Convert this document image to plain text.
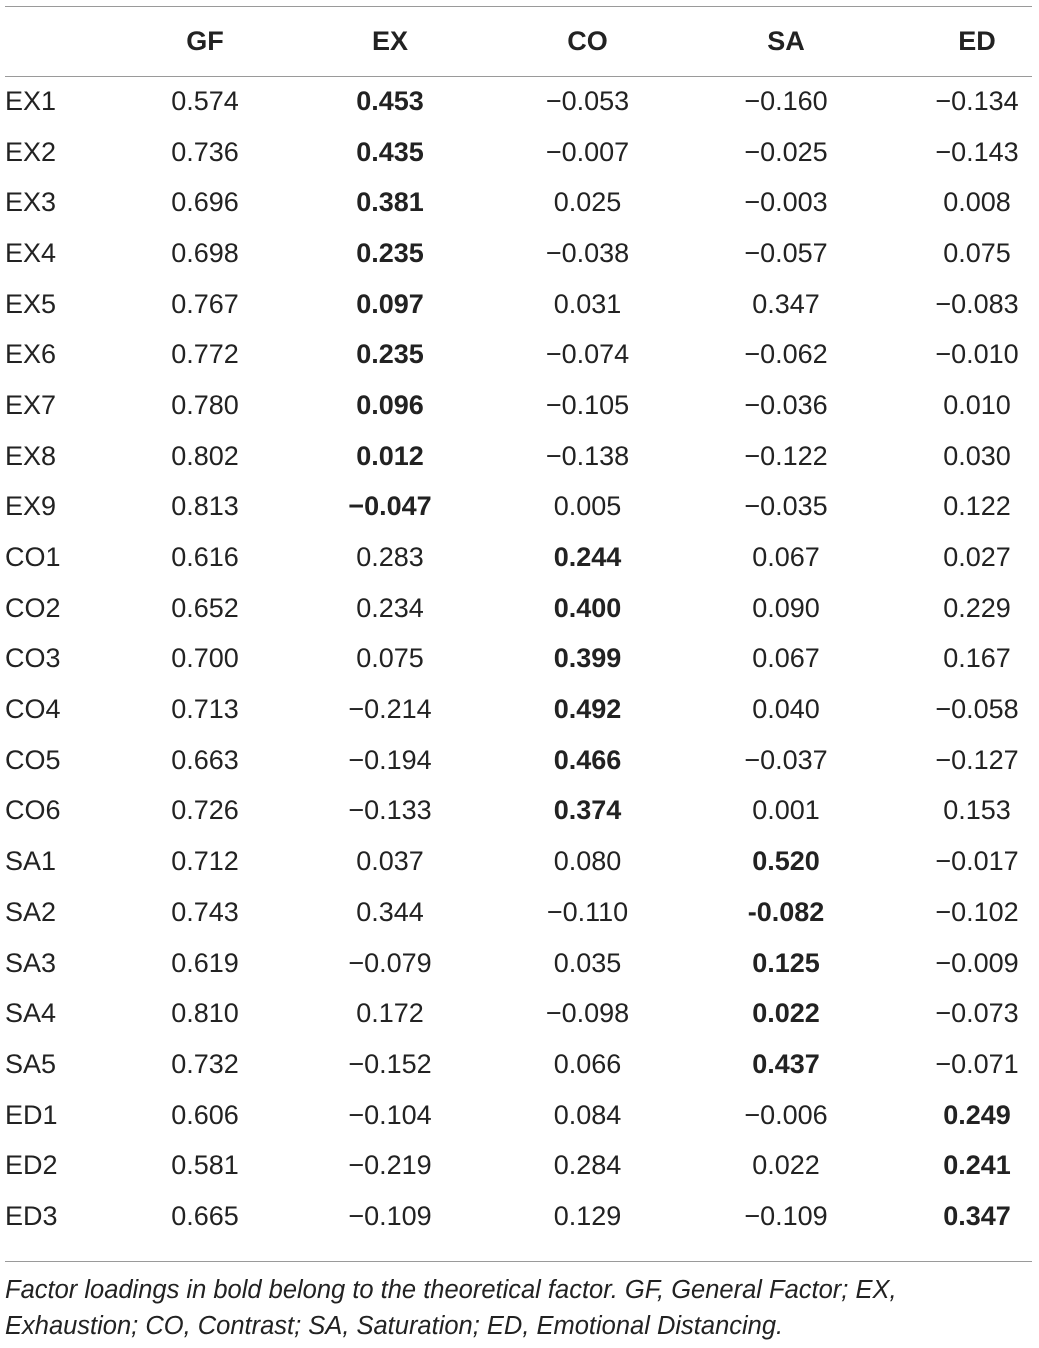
	GF	EX	CO	SA	ED
EX1	0.574	0.453	−0.053	−0.160	−0.134
EX2	0.736	0.435	−0.007	−0.025	−0.143
EX3	0.696	0.381	0.025	−0.003	0.008
EX4	0.698	0.235	−0.038	−0.057	0.075
EX5	0.767	0.097	0.031	0.347	−0.083
EX6	0.772	0.235	−0.074	−0.062	−0.010
EX7	0.780	0.096	−0.105	−0.036	0.010
EX8	0.802	0.012	−0.138	−0.122	0.030
EX9	0.813	−0.047	0.005	−0.035	0.122
CO1	0.616	0.283	0.244	0.067	0.027
CO2	0.652	0.234	0.400	0.090	0.229
CO3	0.700	0.075	0.399	0.067	0.167
CO4	0.713	−0.214	0.492	0.040	−0.058
CO5	0.663	−0.194	0.466	−0.037	−0.127
CO6	0.726	−0.133	0.374	0.001	0.153
SA1	0.712	0.037	0.080	0.520	−0.017
SA2	0.743	0.344	−0.110	-0.082	−0.102
SA3	0.619	−0.079	0.035	0.125	−0.009
SA4	0.810	0.172	−0.098	0.022	−0.073
SA5	0.732	−0.152	0.066	0.437	−0.071
ED1	0.606	−0.104	0.084	−0.006	0.249
ED2	0.581	−0.219	0.284	0.022	0.241
ED3	0.665	−0.109	0.129	−0.109	0.347
Factor loadings in bold belong to the theoretical factor. GF, General Factor; EX, Exhaustion; CO, Contrast; SA, Saturation; ED, Emotional Distancing.
